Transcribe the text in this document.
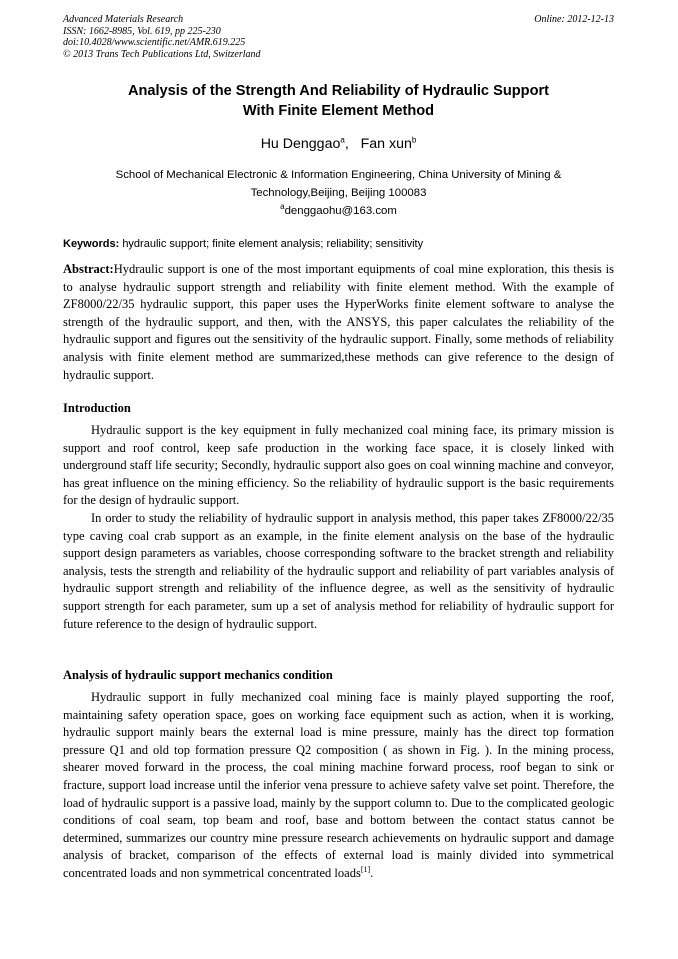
Advanced Materials Research
ISSN: 1662-8985, Vol. 619, pp 225-230
doi:10.4028/www.scientific.net/AMR.619.225
© 2013 Trans Tech Publications Ltd, Switzerland
Online: 2012-12-13
Analysis of the Strength And Reliability of Hydraulic Support
With Finite Element Method
Hu Denggao$^a$, Fan xun$^b$
School of Mechanical Electronic & Information Engineering, China University of Mining &
Technology,Beijing, Beijing 100083
$^a$denggaohu@163.com
Keywords: hydraulic support; finite element analysis; reliability; sensitivity
Abstract:Hydraulic support is one of the most important equipments of coal mine exploration, this thesis is to analyse hydraulic support strength and reliability with finite element method. With the example of ZF8000/22/35 hydraulic support, this paper uses the HyperWorks finite element software to analyse the strength of the hydraulic support, and then, with the ANSYS, this paper calculates the reliability of the hydraulic support and figures out the sensitivity of the hydraulic support. Finally, some methods of reliability analysis with finite element method are summarized,these methods can give reference to the design of hydraulic support.
Introduction

Hydraulic support is the key equipment in fully mechanized coal mining face, its primary mission is support and roof control, keep safe production in the working face space, it is closely linked with underground staff life security; Secondly, hydraulic support also goes on coal winning machine and conveyor, has great influence on the mining efficiency. So the reliability of hydraulic support is the basic requirements for the design of hydraulic support.

In order to study the reliability of hydraulic support in analysis method, this paper takes ZF8000/22/35 type caving coal crab support as an example, in the finite element analysis on the base of the hydraulic support design parameters as variables, choose corresponding software to the bracket strength and reliability analysis, tests the strength and reliability of the hydraulic support and reliability of part variables analysis of hydraulic support strength and reliability of the influence degree, as well as the sensitivity of hydraulic support strength for each parameter, sum up a set of analysis method for reliability of hydraulic support for future reference to the design of hydraulic support.

Analysis of hydraulic support mechanics condition

Hydraulic support in fully mechanized coal mining face is mainly played supporting the roof, maintaining safety operation space, goes on working face equipment such as action, when it is working, hydraulic support mainly bears the external load is mine pressure, mainly has the direct top formation pressure Q1 and old top formation pressure Q2 composition ( as shown in Fig. ). In the mining process, shearer moved forward in the process, the coal mining machine forward process, roof began to sink or fracture, support load increase until the inferior vena pressure to achieve safety valve set point. Therefore, the load of hydraulic support is a passive load, mainly by the support column to. Due to the complicated geologic conditions of coal seam, top beam and roof, base and bottom between the contact status cannot be determined, summarizes our country mine pressure research achievements on hydraulic support and damage analysis of bracket, comparison of the effects of external load is mainly divided into symmetrical concentrated loads and non symmetrical concentrated loads[1].
